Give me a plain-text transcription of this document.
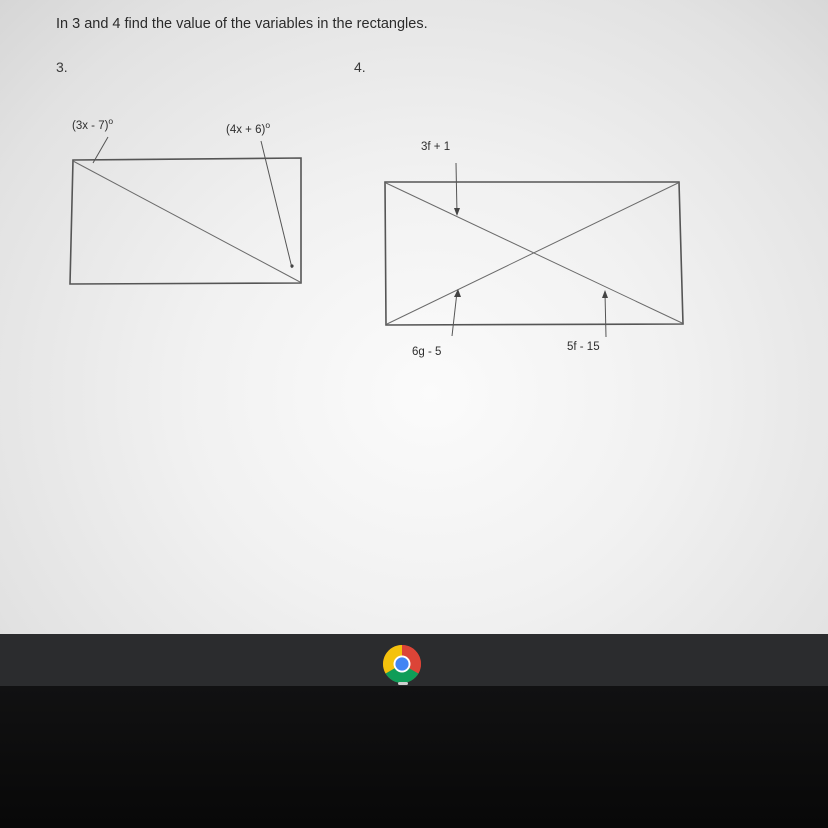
In 3 and 4 find the value of the variables in the rectangles.
3.	4.
(3x - 7)$^o$
$(4x + 6)^o$
3f + 1
6g - 5	5f - 15
